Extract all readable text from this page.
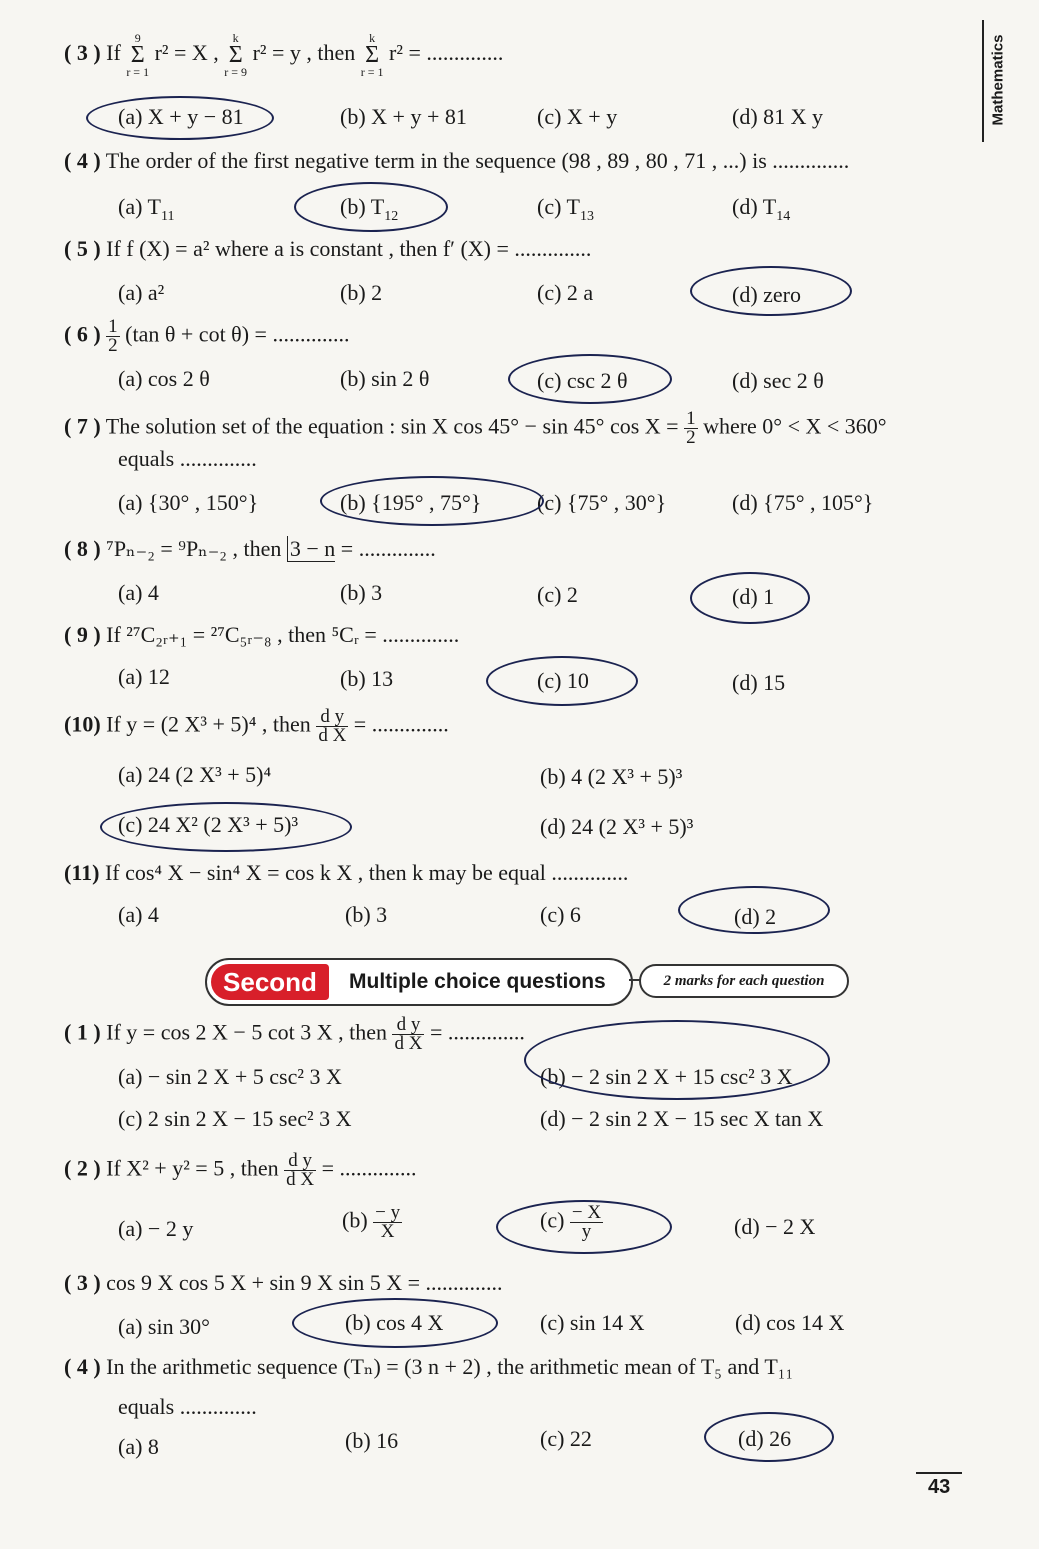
Mathematics
( 3 ) If
9
Σ
r = 1
r² = X ,
k
Σ
r = 9
r² = y , then
k
Σ
r = 1
r² = ..............
(a) X + y − 81	(b) X + y + 81	(c) X + y	(d) 81 X y
( 4 ) The order of the first negative term in the sequence (98 , 89 , 80 , 71 , ...) is ..............
(a) $T_{11}$	(b) $T_{12}$	(c) $T_{13}$	(d) $T_{14}$
( 5 ) If f (X) = a² where a is constant , then f′ (X) = ..............
(a) a²	(b) 2	(c) 2 a	(d) zero
( 6 ) $\frac{1}{2} (\tan$ θ + cot θ) = ..............
(a) cos 2 θ	(b) sin 2 θ	(c) csc 2 θ	(d) sec 2 θ
( 7 ) The solution set of the equation : sin X cos 45° − sin 45° $\cos X = \frac{1}{2}$ where 0° < X < 360°
equals ..............
(a) {30° , 150°}	(b) {195° , 75°}	(c) {75° , 30°}	(d) {75° , 105°}
( 8 ) ⁷Pₙ₋₂ = ⁹Pₙ₋₂ , then 3 − n = ..............
(a) 4	(b) 3	(c) 2	(d) 1
( 9 ) If ²⁷C₂ᵣ₊₁ = ²⁷C₅ᵣ₋₈ , then ⁵Cᵣ = ..............
(a) 12	(b) 13	(c) 10	(d) 15
(10) If y = (2 X³ + 5)⁴ , then $\frac{\text{d y}}{\text{d X}}$ = ..............
(a) 24 (2 X³ + 5)⁴	(b) 4 (2 X³ + 5)³
(c) 24 X² (2 X³ + 5)³	(d) 24 (2 X³ + 5)³
(11) If cos⁴ X − sin⁴ X = cos k X , then k may be equal ..............
(a) 4	(b) 3	(c) 6	(d) 2
Second	Multiple choice questions	2 marks for each question
( 1 ) If y = cos 2 X − 5 cot 3 X , then $\frac{\text{d y}}{\text{d X}}$ = ..............
(a) − sin 2 X + 5 csc² 3 X	(b) − 2 sin 2 X + 15 csc² 3 X
(c) 2 sin 2 X − 15 sec² 3 X	(d) − 2 sin 2 X − 15 sec X tan X
( 2 ) If X² + y² = 5 , then $\frac{\text{d y}}{\text{d X}}$ = ..............
(a) − 2 y	$(b) \frac{- y}{X}$	$(c) \frac{- X}{y}$	(d) − 2 X
( 3 ) cos 9 X cos 5 X + sin 9 X sin 5 X = ..............
(a) sin 30°	(b) cos 4 X	(c) sin 14 X	(d) cos 14 X
( 4 ) In the arithmetic sequence (Tₙ) = (3 n + 2) , the arithmetic mean of T₅ and T₁₁
equals ..............
(a) 8	(b) 16	(c) 22	(d) 26
43
